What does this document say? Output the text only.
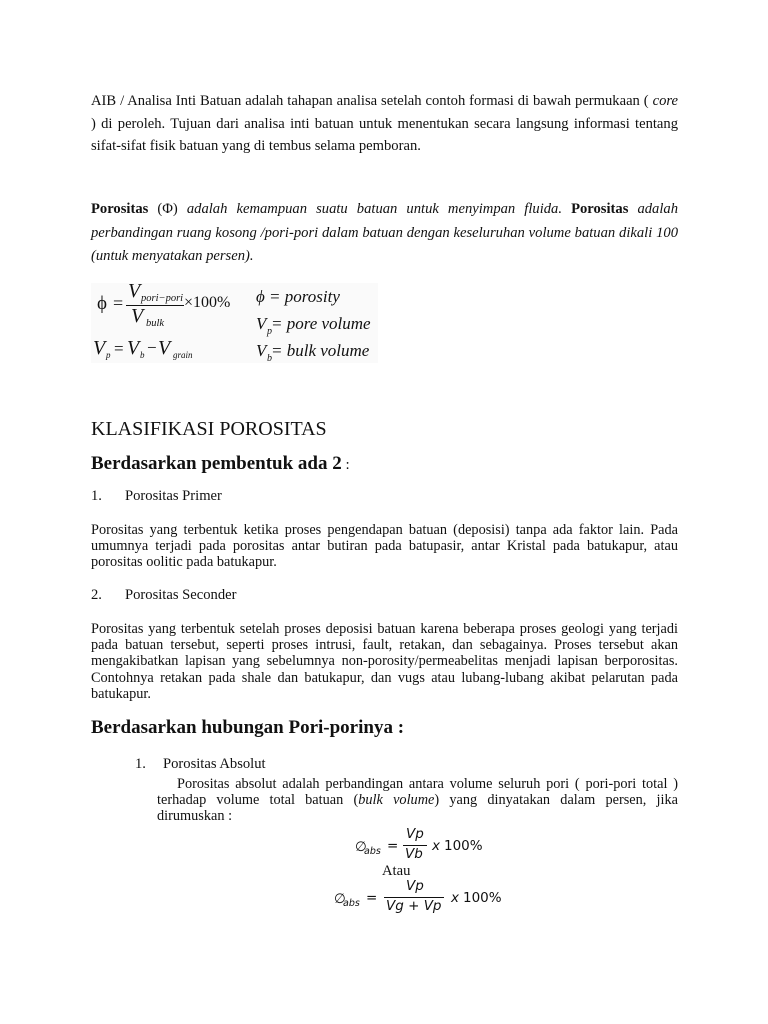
AIB / Analisa Inti Batuan adalah tahapan analisa setelah contoh formasi di bawah permukaan ( core ) di peroleh. Tujuan dari analisa inti batuan untuk menentukan secara langsung informasi tentang sifat-sifat fisik batuan yang di tembus selama pemboran.
Porositas (Φ) adalah kemampuan suatu batuan untuk menyimpan fluida. Porositas adalah perbandingan ruang kosong /pori-pori dalam batuan dengan keseluruhan volume batuan dikali 100 (untuk menyatakan persen).
ϕ =
V pori−pori
V bulk
×100%
V p = V b − V grain
ϕ = porosity
V p = pore volume
V b = bulk volume
KLASIFIKASI POROSITAS
Berdasarkan pembentuk ada 2 :
1. Porositas Primer
Porositas yang terbentuk ketika proses pengendapan batuan (deposisi) tanpa ada faktor lain. Pada umumnya terjadi pada porositas antar butiran pada batupasir, antar Kristal pada batukapur, atau porositas oolitic pada batukapur.
2. Porositas Seconder
Porositas yang terbentuk setelah proses deposisi batuan karena beberapa proses geologi yang terjadi pada batuan tersebut, seperti proses intrusi, fault, retakan, dan sebagainya. Proses tersebut akan mengakibatkan lapisan yang sebelumnya non-porosity/permeabelitas menjadi lapisan berporositas. Contohnya retakan pada shale dan batukapur, dan vugs atau lubang-lubang akibat pelarutan pada batukapur.
Berdasarkan hubungan Pori-porinya :
1. Porositas Absolut
Porositas absolut adalah perbandingan antara volume seluruh pori ( pori-pori total ) terhadap volume total batuan (bulk volume) yang dinyatakan dalam persen, jika dirumuskan :
∅
abs =
Vp
Vb x 100%
Atau
∅
abs =
Vp
Vg + Vp x 100%
